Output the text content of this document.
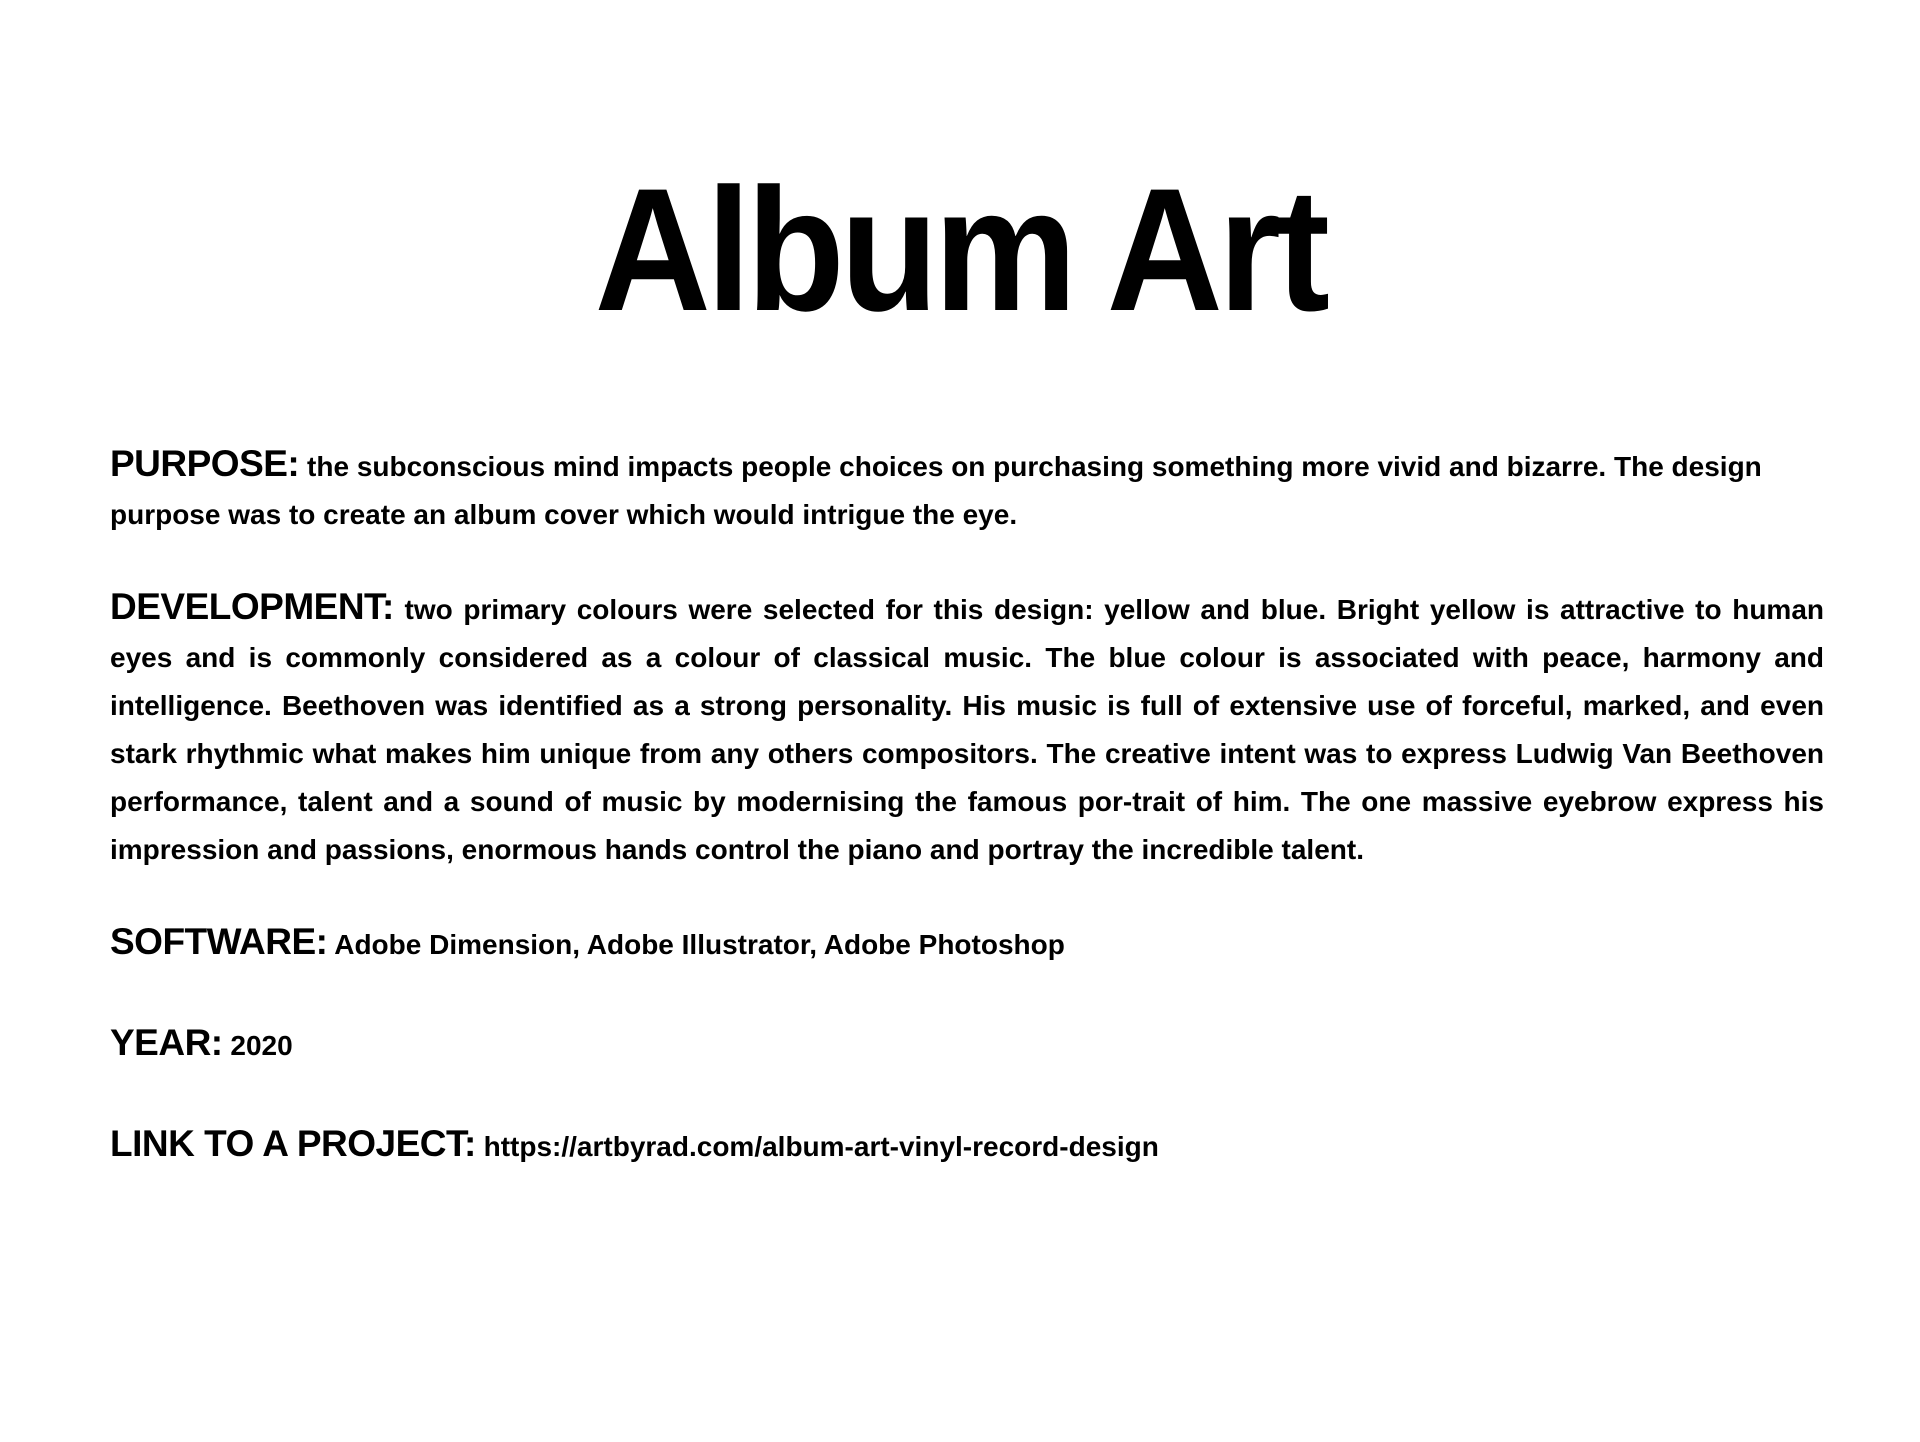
Album Art

PURPOSE: the subconscious mind impacts people choices on purchasing something more vivid and bizarre. The design purpose was to create an album cover which would intrigue the eye.

DEVELOPMENT: two primary colours were selected for this design: yellow and blue. Bright yellow is attractive to human eyes and is commonly considered as a colour of classical music. The blue colour is associated with peace, harmony and intelligence. Beethoven was identified as a strong personality. His music is full of extensive use of forceful, marked, and even stark rhythmic what makes him unique from any others compositors. The creative intent was to express Ludwig Van Beethoven performance, talent and a sound of music by modernising the famous por-trait of him. The one massive eyebrow express his impression and passions, enormous hands control the piano and portray the incredible talent.

SOFTWARE: Adobe Dimension, Adobe Illustrator, Adobe Photoshop

YEAR: 2020

LINK TO A PROJECT: https://artbyrad.com/album-art-vinyl-record-design
